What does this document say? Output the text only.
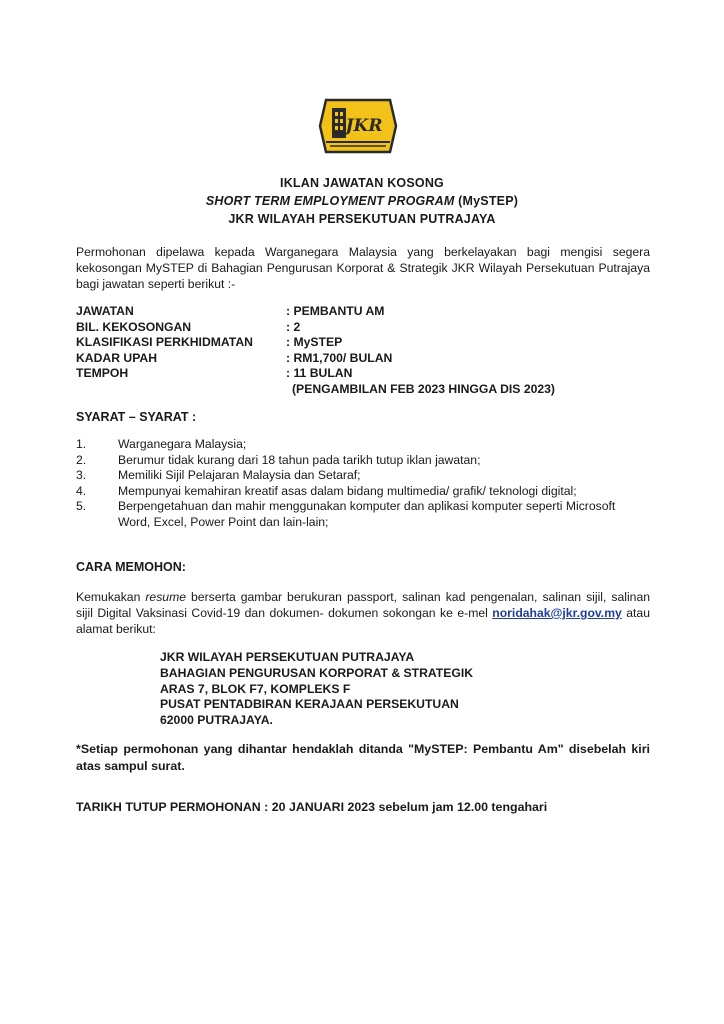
JKR
IKLAN JAWATAN KOSONG
SHORT TERM EMPLOYMENT PROGRAM (MySTEP)
JKR WILAYAH PERSEKUTUAN PUTRAJAYA
Permohonan dipelawa kepada Warganegara Malaysia yang berkelayakan bagi mengisi segera kekosongan MySTEP di Bahagian Pengurusan Korporat & Strategik JKR Wilayah Persekutuan Putrajaya bagi jawatan seperti berikut :-
JAWATAN	: PEMBANTU AM
BIL. KEKOSONGAN	: 2
KLASIFIKASI PERKHIDMATAN	: MySTEP
KADAR UPAH	: RM1,700/ BULAN
TEMPOH	: 11 BULAN
(PENGAMBILAN FEB 2023 HINGGA DIS 2023)
SYARAT – SYARAT :
1.	Warganegara Malaysia;
2.	Berumur tidak kurang dari 18 tahun pada tarikh tutup iklan jawatan;
3.	Memiliki Sijil Pelajaran Malaysia dan Setaraf;
4.	Mempunyai kemahiran kreatif asas dalam bidang multimedia/ grafik/ teknologi digital;
5.	Berpengetahuan dan mahir menggunakan komputer dan aplikasi komputer seperti Microsoft Word, Excel, Power Point dan lain-lain;
CARA MEMOHON:
Kemukakan resume berserta gambar berukuran passport, salinan kad pengenalan, salinan sijil, salinan sijil Digital Vaksinasi Covid-19 dan dokumen- dokumen sokongan ke e-mel noridahak@jkr.gov.my atau alamat berikut:
JKR WILAYAH PERSEKUTUAN PUTRAJAYA
BAHAGIAN PENGURUSAN KORPORAT & STRATEGIK
ARAS 7, BLOK F7, KOMPLEKS F
PUSAT PENTADBIRAN KERAJAAN PERSEKUTUAN
62000 PUTRAJAYA.
*Setiap permohonan yang dihantar hendaklah ditanda "MySTEP: Pembantu Am" disebelah kiri atas sampul surat.
TARIKH TUTUP PERMOHONAN : 20 JANUARI 2023 sebelum jam 12.00 tengahari
